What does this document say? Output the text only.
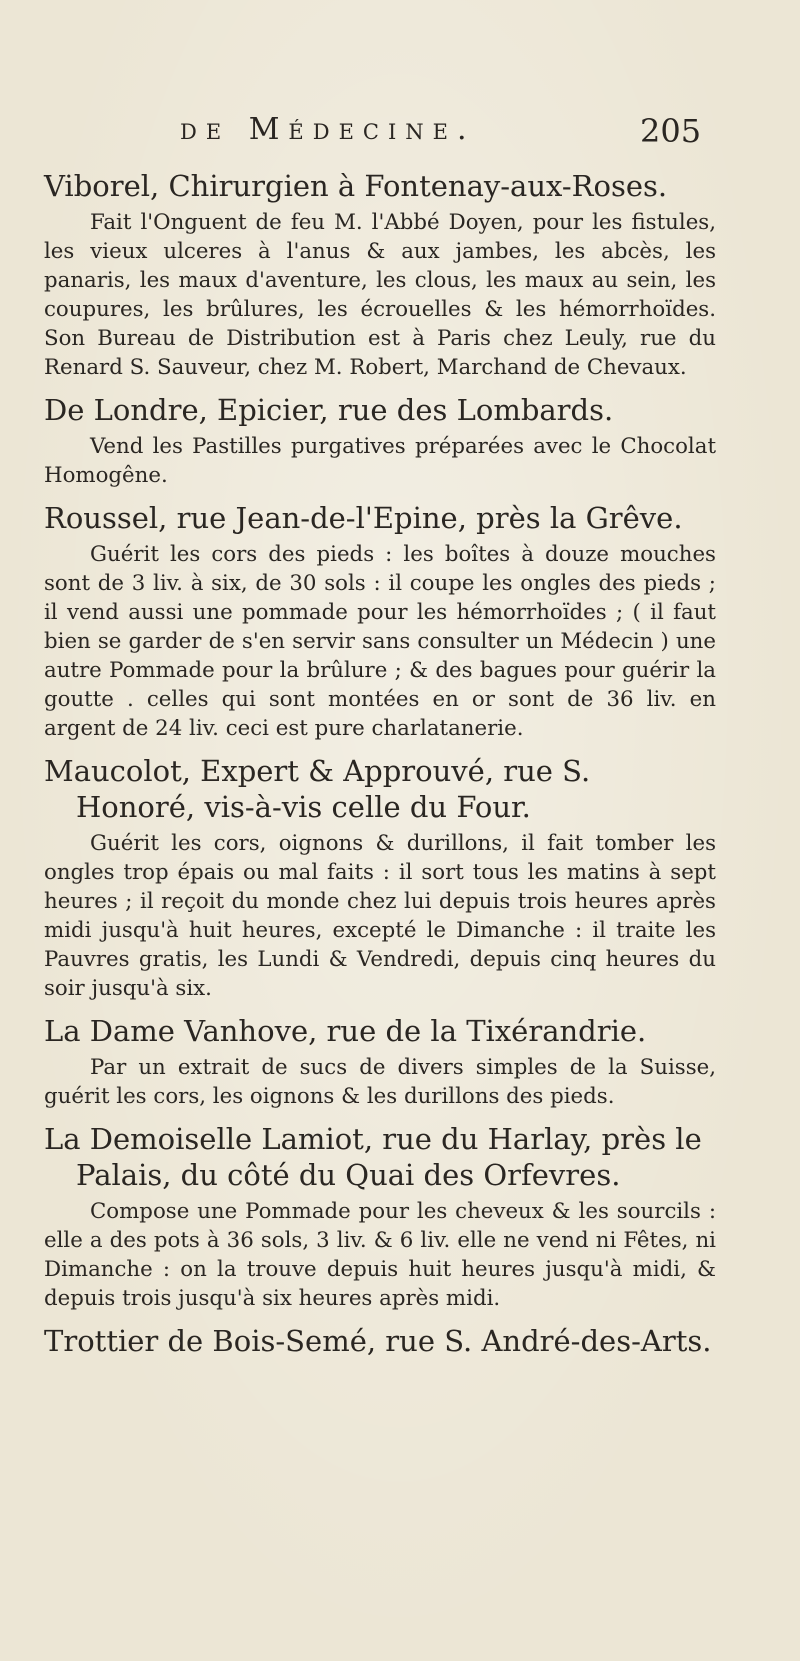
de Médecine.	205

Viborel, Chirurgien à Fontenay-aux-Roses.

Fait l'Onguent de feu M. l'Abbé Doyen, pour les fistules, les vieux ulceres à l'anus & aux jambes, les abcès, les panaris, les maux d'aventure, les clous, les maux au sein, les coupures, les brûlures, les écrouelles & les hémorrhoïdes. Son Bureau de Distribution est à Paris chez Leuly, rue du Renard S. Sauveur, chez M. Robert, Marchand de Chevaux.

De Londre, Epicier, rue des Lombards.

Vend les Pastilles purgatives préparées avec le Chocolat Homogêne.

Roussel, rue Jean-de-l'Epine, près la Grêve.

Guérit les cors des pieds : les boîtes à douze mouches sont de 3 liv. à six, de 30 sols : il coupe les ongles des pieds ; il vend aussi une pommade pour les hémorrhoïdes ; ( il faut bien se garder de s'en servir sans consulter un Médecin ) une autre Pommade pour la brûlure ; & des bagues pour guérir la goutte . celles qui sont montées en or sont de 36 liv. en argent de 24 liv. ceci est pure charlatanerie.

Maucolot, Expert & Approuvé, rue S. Honoré, vis-à-vis celle du Four.

Guérit les cors, oignons & durillons, il fait tomber les ongles trop épais ou mal faits : il sort tous les matins à sept heures ; il reçoit du monde chez lui depuis trois heures après midi jusqu'à huit heures, excepté le Dimanche : il traite les Pauvres gratis, les Lundi & Vendredi, depuis cinq heures du soir jusqu'à six.

La Dame Vanhove, rue de la Tixérandrie.

Par un extrait de sucs de divers simples de la Suisse, guérit les cors, les oignons & les durillons des pieds.

La Demoiselle Lamiot, rue du Harlay, près le Palais, du côté du Quai des Orfevres.

Compose une Pommade pour les cheveux & les sourcils : elle a des pots à 36 sols, 3 liv. & 6 liv. elle ne vend ni Fêtes, ni Dimanche : on la trouve depuis huit heures jusqu'à midi, & depuis trois jusqu'à six heures après midi.

Trottier de Bois-Semé, rue S. André-des-Arts.
